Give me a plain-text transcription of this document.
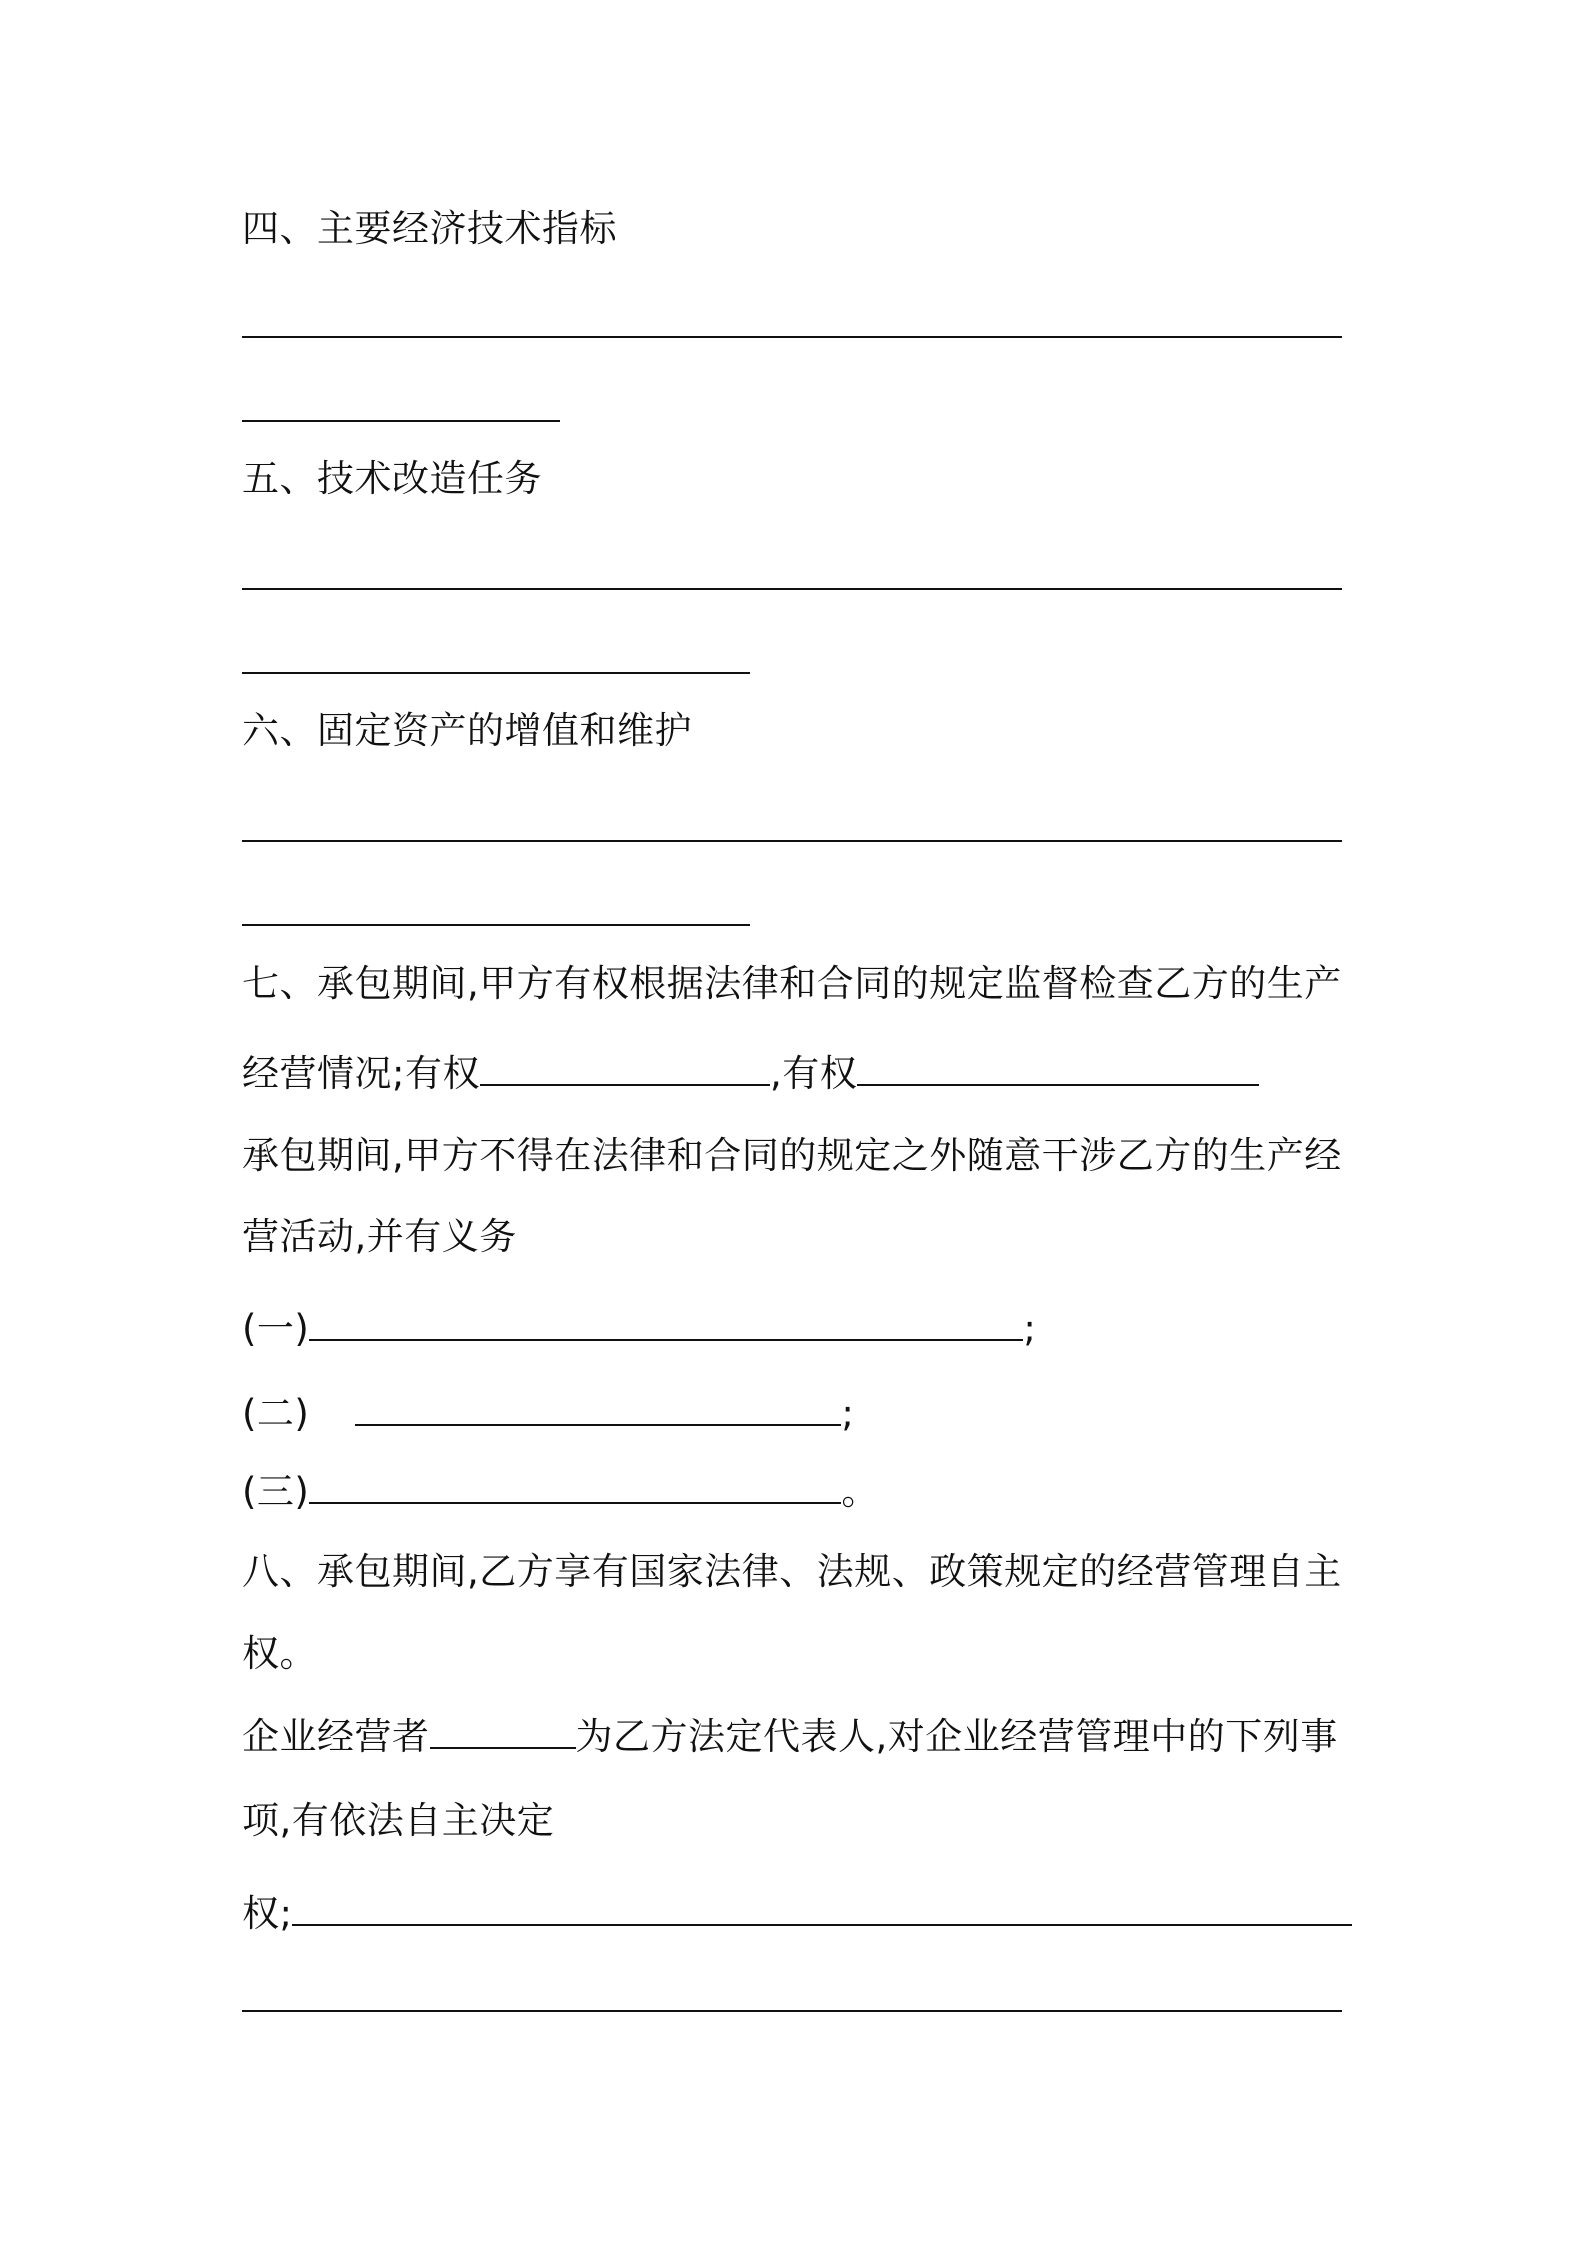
四、主要经济技术指标

五、技术改造任务

六、固定资产的增值和维护

七、承包期间,甲方有权根据法律和合同的规定监督检查乙方的生产

经营情况;有权	,有权

承包期间,甲方不得在法律和合同的规定之外随意干涉乙方的生产经

营活动,并有义务

(一)	;

(二)	;

(三)	。

八、承包期间,乙方享有国家法律、法规、政策规定的经营管理自主

权。

企业经营者	为乙方法定代表人,对企业经营管理中的下列事

项,有依法自主决定

权;
